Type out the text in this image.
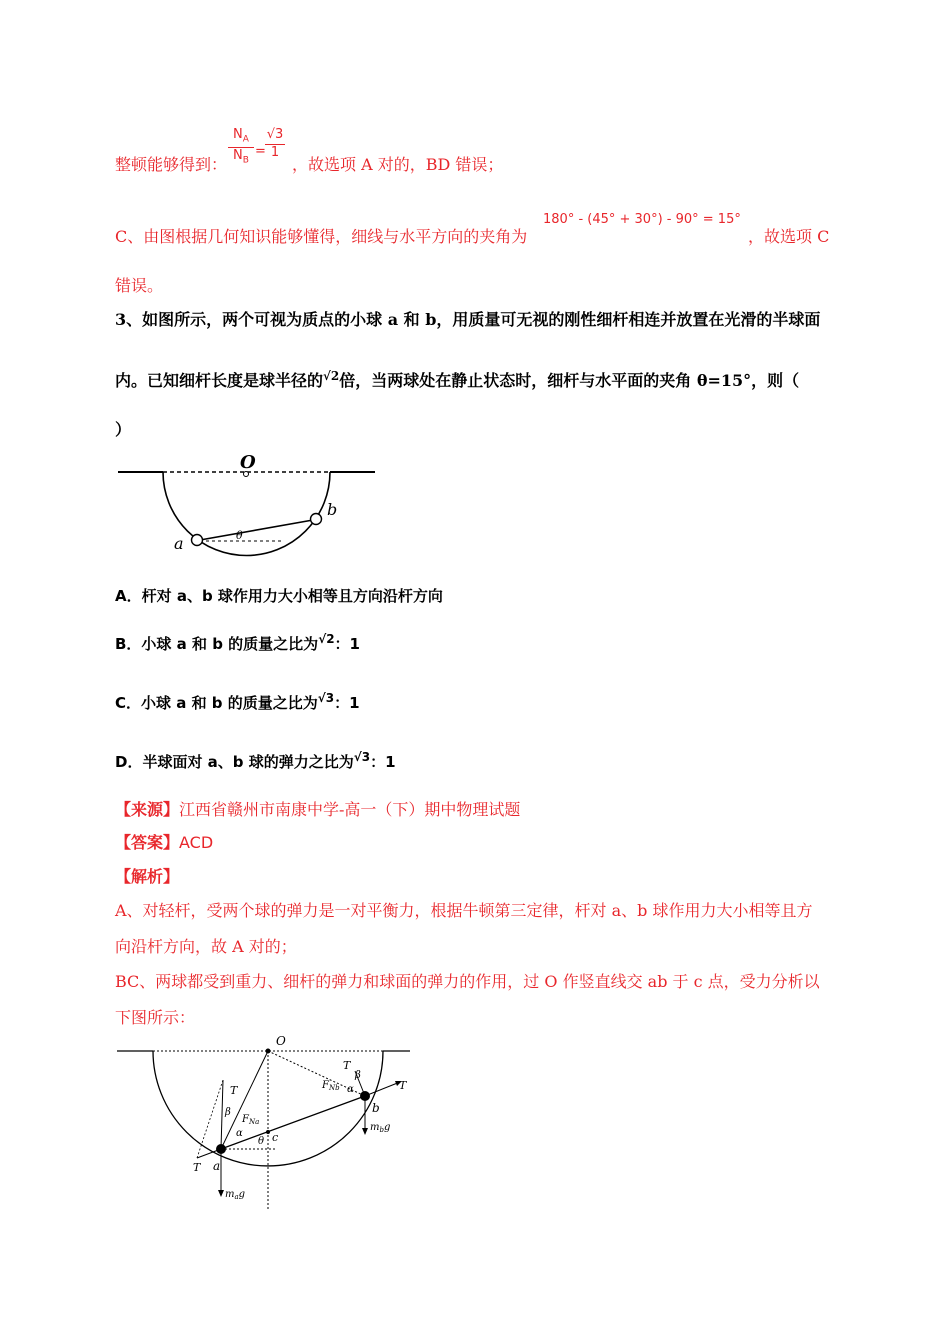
整顿能够得到： $\frac{N_A}{N_B} = \frac{√3}{1}$
，故选项 A 对的，BD 错误；
C、由图根据几何知识能够懂得，细线与水平方向的夹角为
180° - (45° + 30°) - 90° = 15°
，故选项 C
错误。
3、如图所示，两个可视为质点的小球 a 和 b，用质量可无视的刚性细杆相连并放置在光滑的半球面
内。已知细杆长度是球半径的√2倍，当两球处在静止状态时，细杆与水平面的夹角 θ=15°，则（
）
O
a
b
θ
A．杆对 a、b 球作用力大小相等且方向沿杆方向
B．小球 a 和 b 的质量之比为√2：1
C．小球 a 和 b 的质量之比为√3：1
D．半球面对 a、b 球的弹力之比为√3：1
【来源】江西省赣州市南康中学-高一（下）期中物理试题
【答案】ACD
【解析】
A、对轻杆，受两个球的弹力是一对平衡力，根据牛顿第三定律，杆对 a、b 球作用力大小相等且方
向沿杆方向，故 A 对的；
BC、两球都受到重力、细杆的弹力和球面的弹力的作用，过 O 作竖直线交 ab 于 c 点，受力分析以
下图所示：
O
a
b
c
T
T
T
T
β
β
α
α
θ
$F_{Na}$
$F_{Nb}$
$m_ag$
$m_bg$
